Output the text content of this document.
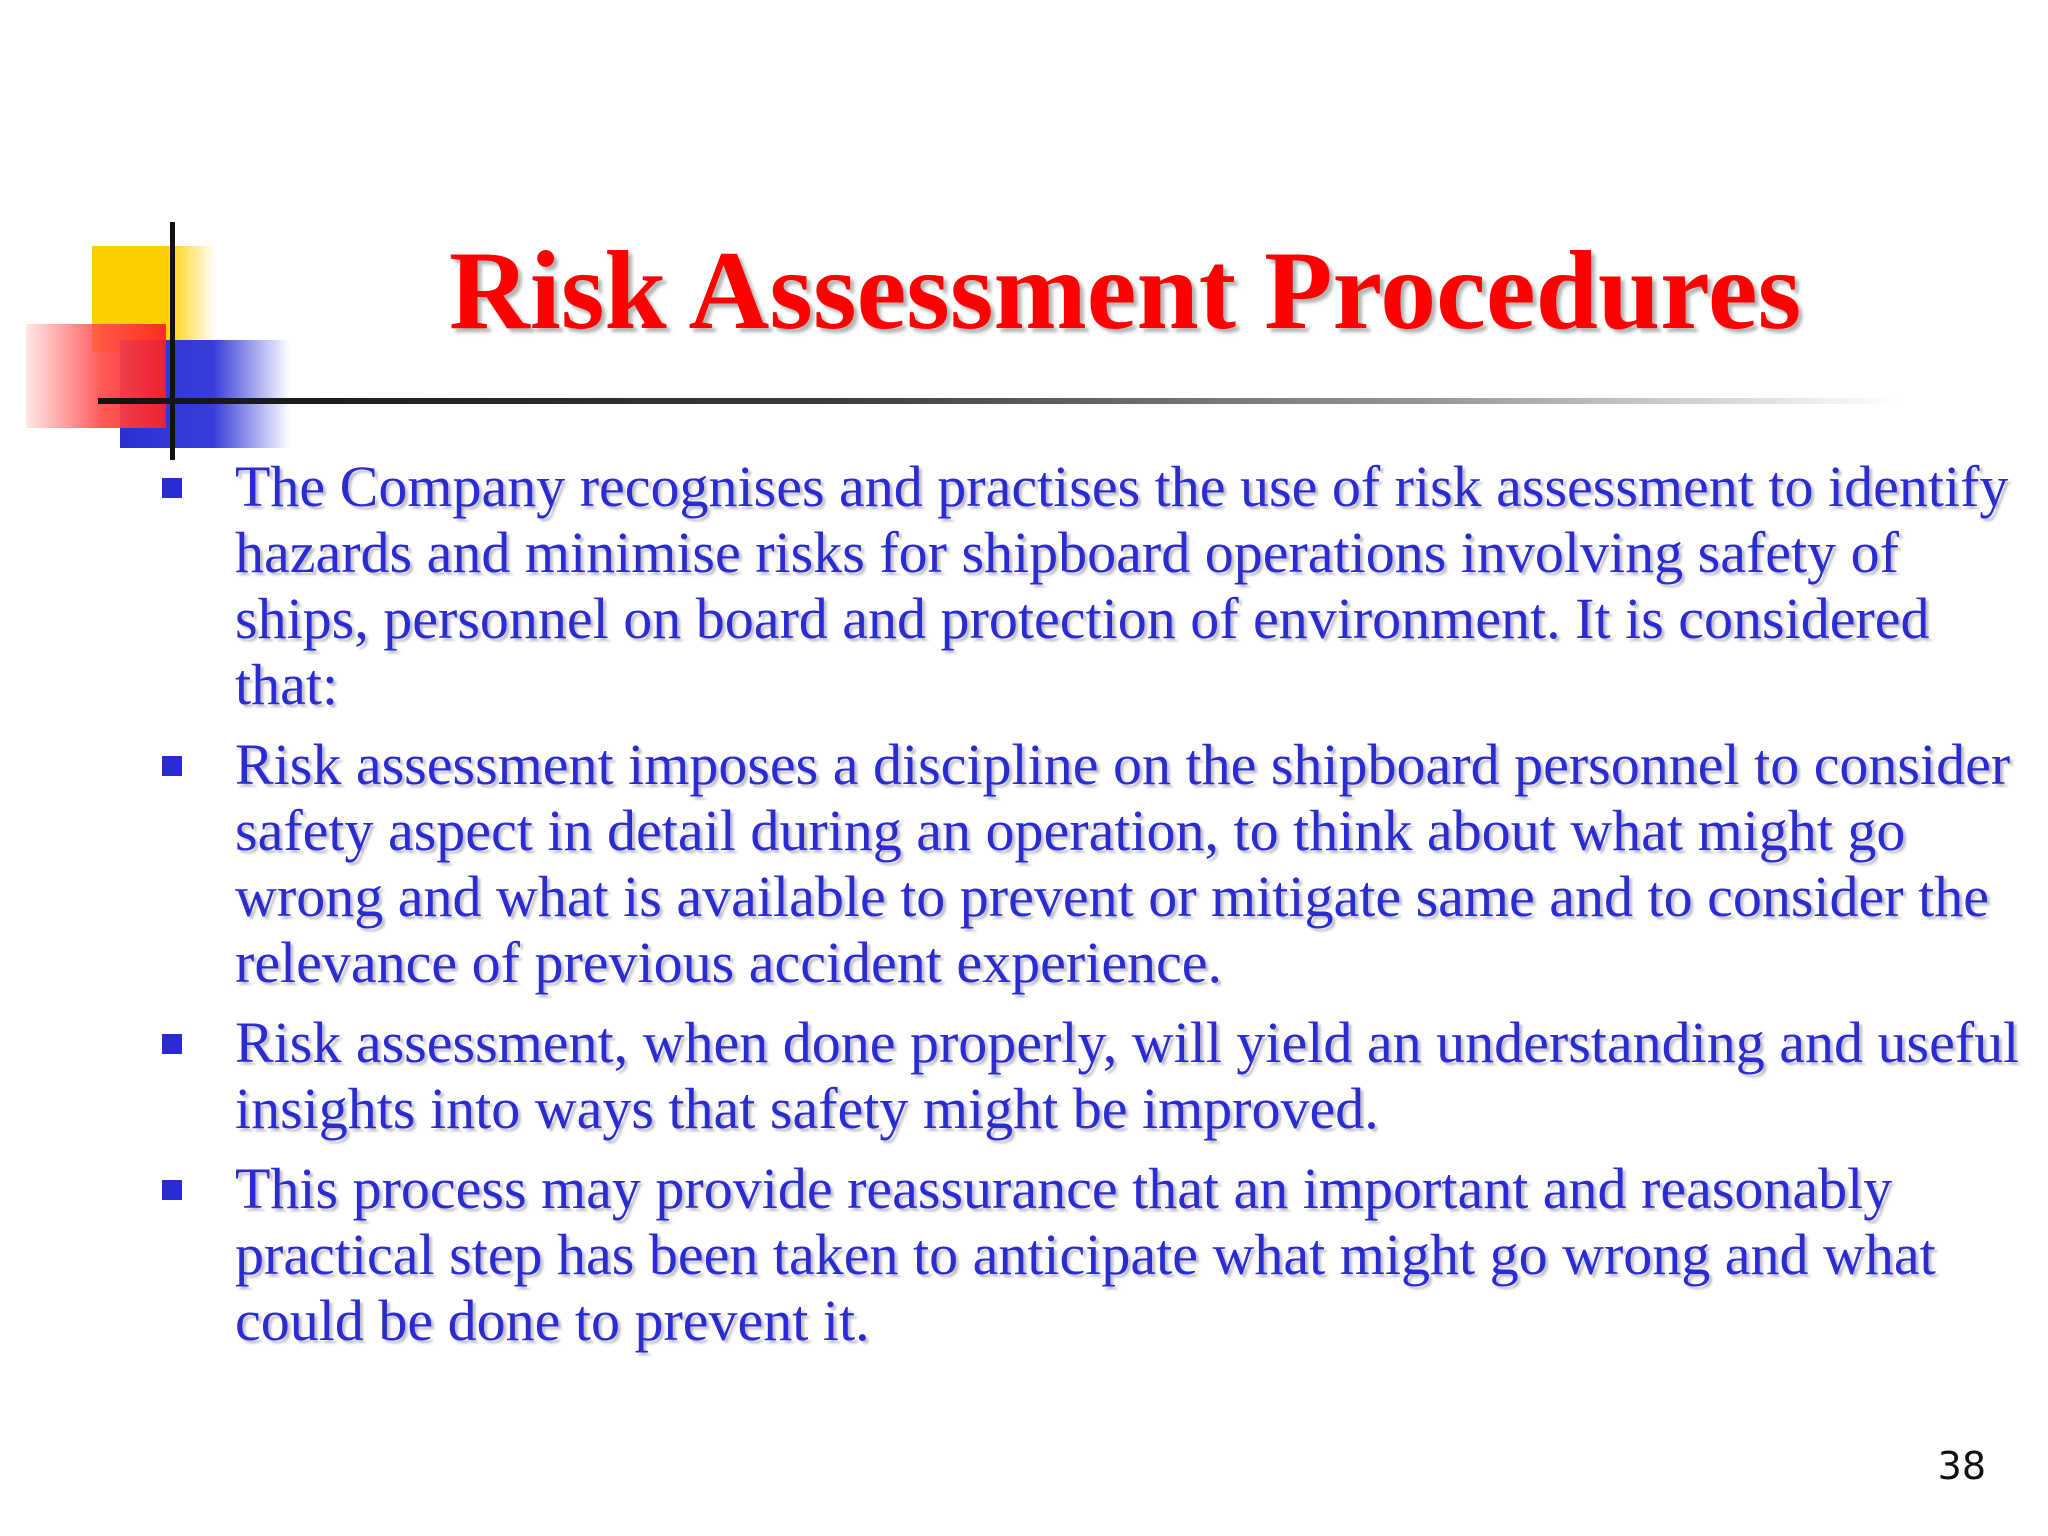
Risk Assessment Procedures
The Company recognises and practises the use of risk assessment to identify hazards and minimise risks for shipboard operations involving safety of ships, personnel on board and protection of environment. It is considered that:
Risk assessment imposes a discipline on the shipboard personnel to consider safety aspect in detail during an operation, to think about what might go wrong and what is available to prevent or mitigate same and to consider the relevance of previous accident experience.
Risk assessment, when done properly, will yield an understanding and useful insights into ways that safety might be improved.
This process may provide reassurance that an important and reasonably practical step has been taken to anticipate what might go wrong and what could be done to prevent it.
38
